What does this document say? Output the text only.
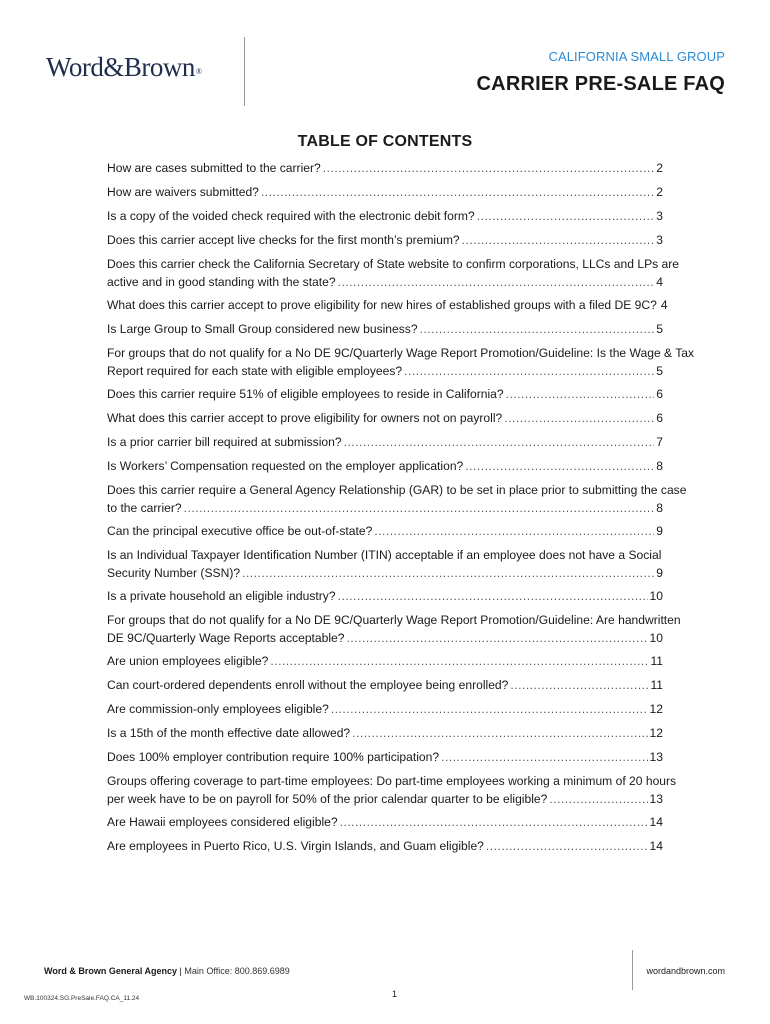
Word&Brown®
CALIFORNIA SMALL GROUP
CARRIER PRE-SALE FAQ
TABLE OF CONTENTS
How are cases submitted to the carrier? .....	2
How are waivers submitted? .....	2
Is a copy of the voided check required with the electronic debit form? .....	3
Does this carrier accept live checks for the first month’s premium? .....	3
Does this carrier check the California Secretary of State website to confirm corporations, LLCs and LPs are
active and in good standing with the state? .....	4
What does this carrier accept to prove eligibility for new hires of established groups with a filed DE 9C? 4
Is Large Group to Small Group considered new business? .....	5
For groups that do not qualify for a No DE 9C/Quarterly Wage Report Promotion/Guideline: Is the Wage & Tax
Report required for each state with eligible employees? .....	5
Does this carrier require 51% of eligible employees to reside in California? .....	6
What does this carrier accept to prove eligibility for owners not on payroll? .....	6
Is a prior carrier bill required at submission? .....	7
Is Workers’ Compensation requested on the employer application? .....	8
Does this carrier require a General Agency Relationship (GAR) to be set in place prior to submitting the case
to the carrier? .....	8
Can the principal executive office be out-of-state? .....	9
Is an Individual Taxpayer Identification Number (ITIN) acceptable if an employee does not have a Social
Security Number (SSN)? .....	9
Is a private household an eligible industry? .....	10
For groups that do not qualify for a No DE 9C/Quarterly Wage Report Promotion/Guideline: Are handwritten
DE 9C/Quarterly Wage Reports acceptable? .....	10
Are union employees eligible? .....	11
Can court-ordered dependents enroll without the employee being enrolled? .....	11
Are commission-only employees eligible? .....	12
Is a 15th of the month effective date allowed? .....	12
Does 100% employer contribution require 100% participation? .....	13
Groups offering coverage to part-time employees: Do part-time employees working a minimum of 20 hours
per week have to be on payroll for 50% of the prior calendar quarter to be eligible? .....	13
Are Hawaii employees considered eligible? .....	14
Are employees in Puerto Rico, U.S. Virgin Islands, and Guam eligible? .....	14
Word & Brown General Agency | Main Office: 800.869.6989	wordandbrown.com
WB.100324.SG.PreSale.FAQ.CA_11.24	1
